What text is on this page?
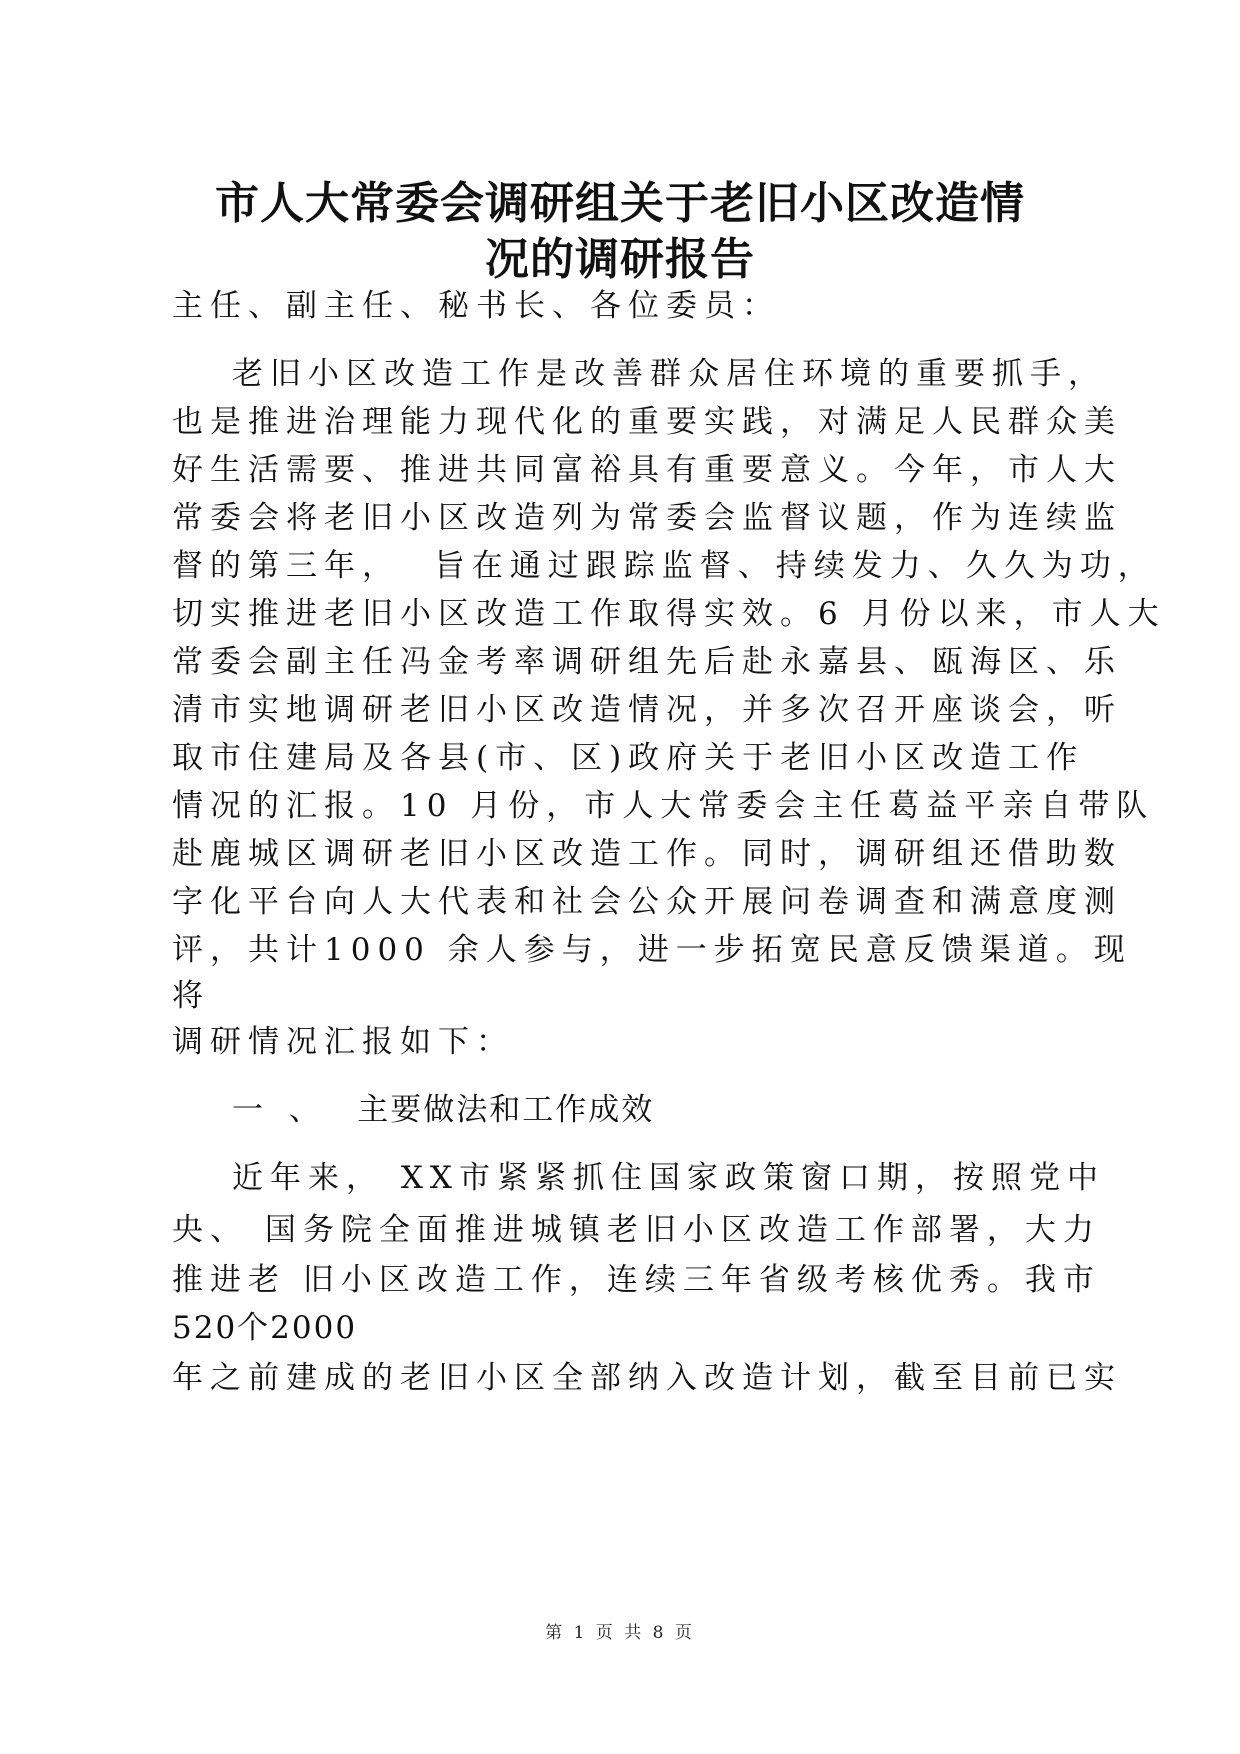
市人大常委会调研组关于老旧小区改造情
况的调研报告

主任、副主任、秘书长、各位委员：

老旧小区改造工作是改善群众居住环境的重要抓手，

也是推进治理能力现代化的重要实践，对满足人民群众美

好生活需要、推进共同富裕具有重要意义。今年，市人大

常委会将老旧小区改造列为常委会监督议题，作为连续监

督的第三年，  旨在通过跟踪监督、持续发力、久久为功，

切实推进老旧小区改造工作取得实效。6 月份以来，市人大

常委会副主任冯金考率调研组先后赴永嘉县、瓯海区、乐

清市实地调研老旧小区改造情况，并多次召开座谈会，听

取市住建局及各县(市、区)政府关于老旧小区改造工作

情况的汇报。10 月份，市人大常委会主任葛益平亲自带队

赴鹿城区调研老旧小区改造工作。同时，调研组还借助数

字化平台向人大代表和社会公众开展问卷调查和满意度测

评，共计1000 余人参与，进一步拓宽民意反馈渠道。现

将

调研情况汇报如下：

一  、   主要做法和工作成效

近年来， XX市紧紧抓住国家政策窗口期，按照党中

央、 国务院全面推进城镇老旧小区改造工作部署，大力

推进老 旧小区改造工作，连续三年省级考核优秀。我市

520个2000

年之前建成的老旧小区全部纳入改造计划，截至目前已实

第 1 页 共 8 页
